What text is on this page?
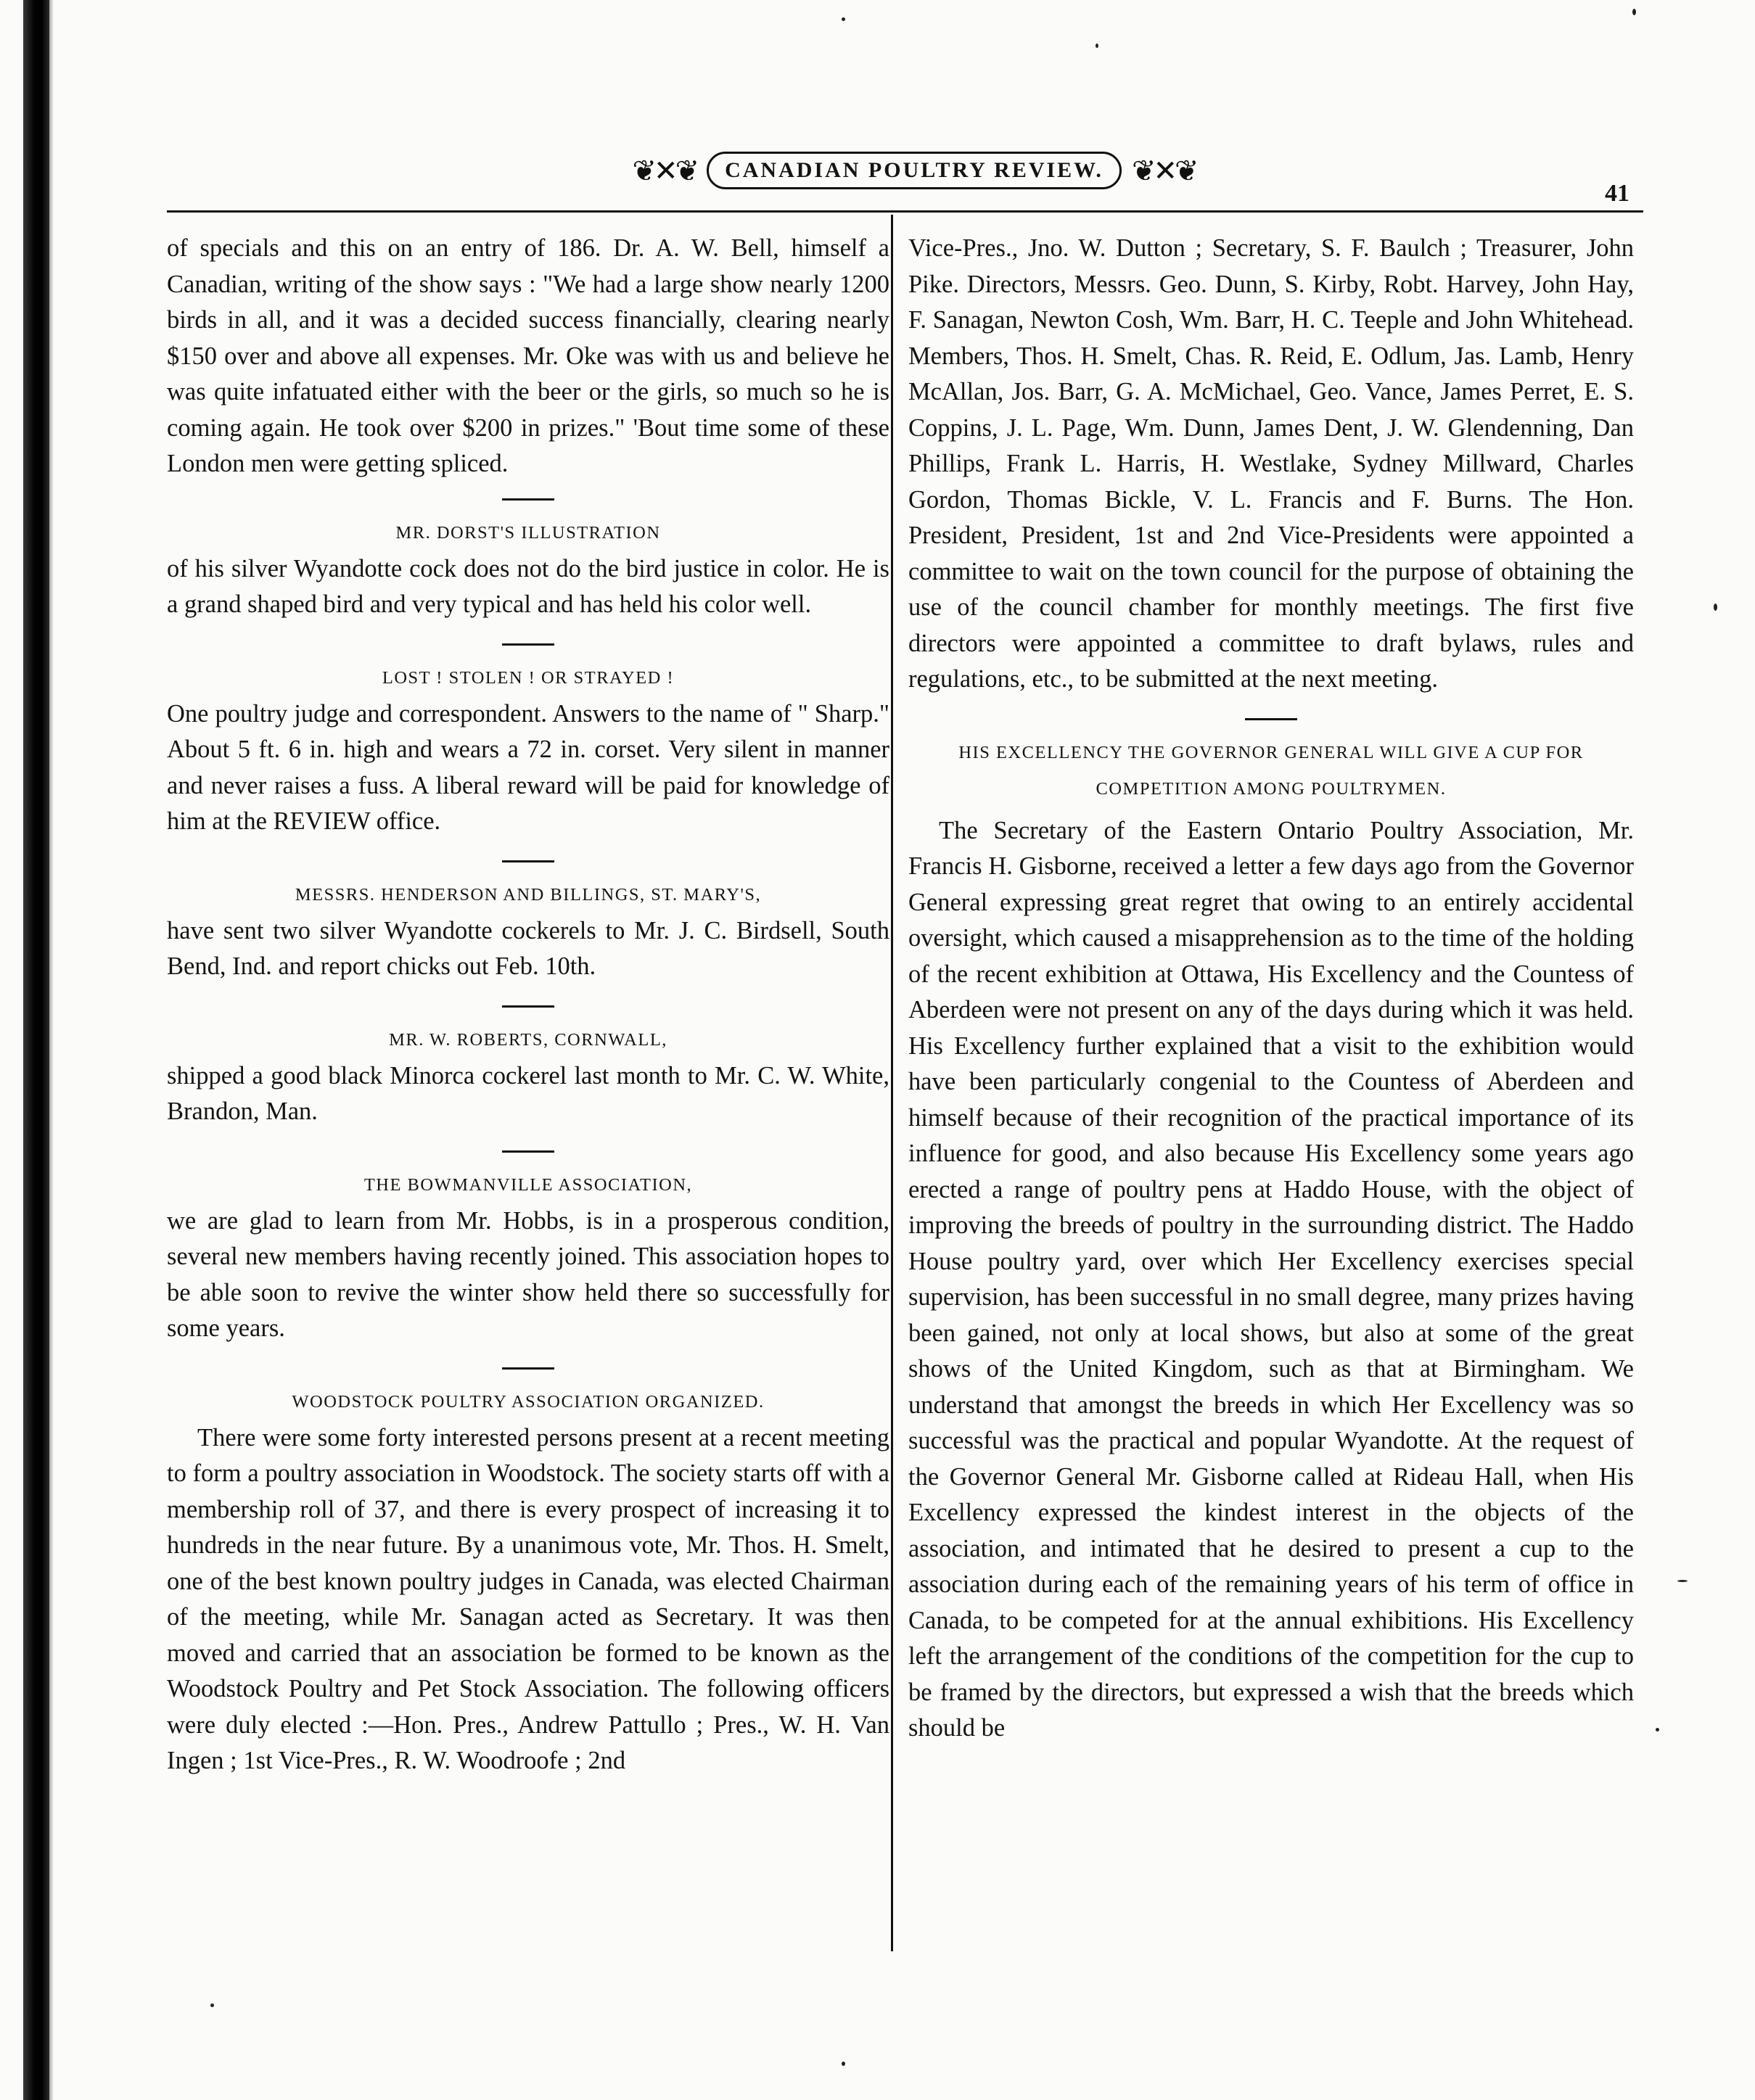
❦✕❦	CANADIAN POULTRY REVIEW. ❦✕❦
41

of specials and this on an entry of 186. Dr. A. W. Bell, himself a Canadian, writing of the show says : "We had a large show nearly 1200 birds in all, and it was a decided success financially, clearing nearly $150 over and above all expenses. Mr. Oke was with us and believe he was quite infatuated either with the beer or the girls, so much so he is coming again. He took over $200 in prizes." 'Bout time some of these London men were getting spliced.

MR. DORST'S ILLUSTRATION

of his silver Wyandotte cock does not do the bird justice in color. He is a grand shaped bird and very typical and has held his color well.

LOST ! STOLEN ! OR STRAYED !

One poultry judge and correspondent. Answers to the name of " Sharp." About 5 ft. 6 in. high and wears a 72 in. corset. Very silent in manner and never raises a fuss. A liberal reward will be paid for knowledge of him at the REVIEW office.

MESSRS. HENDERSON AND BILLINGS, ST. MARY'S,

have sent two silver Wyandotte cockerels to Mr. J. C. Birdsell, South Bend, Ind. and report chicks out Feb. 10th.

MR. W. ROBERTS, CORNWALL,

shipped a good black Minorca cockerel last month to Mr. C. W. White, Brandon, Man.

THE BOWMANVILLE ASSOCIATION,

we are glad to learn from Mr. Hobbs, is in a prosperous condition, several new members having recently joined. This association hopes to be able soon to revive the winter show held there so successfully for some years.

WOODSTOCK POULTRY ASSOCIATION ORGANIZED.

There were some forty interested persons present at a recent meeting to form a poultry association in Woodstock. The society starts off with a membership roll of 37, and there is every prospect of increasing it to hundreds in the near future. By a unanimous vote, Mr. Thos. H. Smelt, one of the best known poultry judges in Canada, was elected Chairman of the meeting, while Mr. Sanagan acted as Secretary. It was then moved and carried that an association be formed to be known as the Woodstock Poultry and Pet Stock Association. The following officers were duly elected :—Hon. Pres., Andrew Pattullo ; Pres., W. H. Van Ingen ; 1st Vice-Pres., R. W. Woodroofe ; 2nd

Vice-Pres., Jno. W. Dutton ; Secretary, S. F. Baulch ; Treasurer, John Pike. Directors, Messrs. Geo. Dunn, S. Kirby, Robt. Harvey, John Hay, F. Sanagan, Newton Cosh, Wm. Barr, H. C. Teeple and John Whitehead. Members, Thos. H. Smelt, Chas. R. Reid, E. Odlum, Jas. Lamb, Henry McAllan, Jos. Barr, G. A. McMichael, Geo. Vance, James Perret, E. S. Coppins, J. L. Page, Wm. Dunn, James Dent, J. W. Glendenning, Dan Phillips, Frank L. Harris, H. Westlake, Sydney Millward, Charles Gordon, Thomas Bickle, V. L. Francis and F. Burns. The Hon. President, President, 1st and 2nd Vice-Presidents were appointed a committee to wait on the town council for the purpose of obtaining the use of the council chamber for monthly meetings. The first five directors were appointed a committee to draft bylaws, rules and regulations, etc., to be submitted at the next meeting.

HIS EXCELLENCY THE GOVERNOR GENERAL WILL GIVE A CUP FOR COMPETITION AMONG POULTRYMEN.

The Secretary of the Eastern Ontario Poultry Association, Mr. Francis H. Gisborne, received a letter a few days ago from the Governor General expressing great regret that owing to an entirely accidental oversight, which caused a misapprehension as to the time of the holding of the recent exhibition at Ottawa, His Excellency and the Countess of Aberdeen were not present on any of the days during which it was held. His Excellency further explained that a visit to the exhibition would have been particularly congenial to the Countess of Aberdeen and himself because of their recognition of the practical importance of its influence for good, and also because His Excellency some years ago erected a range of poultry pens at Haddo House, with the object of improving the breeds of poultry in the surrounding district. The Haddo House poultry yard, over which Her Excellency exercises special supervision, has been successful in no small degree, many prizes having been gained, not only at local shows, but also at some of the great shows of the United Kingdom, such as that at Birmingham. We understand that amongst the breeds in which Her Excellency was so successful was the practical and popular Wyandotte. At the request of the Governor General Mr. Gisborne called at Rideau Hall, when His Excellency expressed the kindest interest in the objects of the association, and intimated that he desired to present a cup to the association during each of the remaining years of his term of office in Canada, to be competed for at the annual exhibitions. His Excellency left the arrangement of the conditions of the competition for the cup to be framed by the directors, but expressed a wish that the breeds which should be
